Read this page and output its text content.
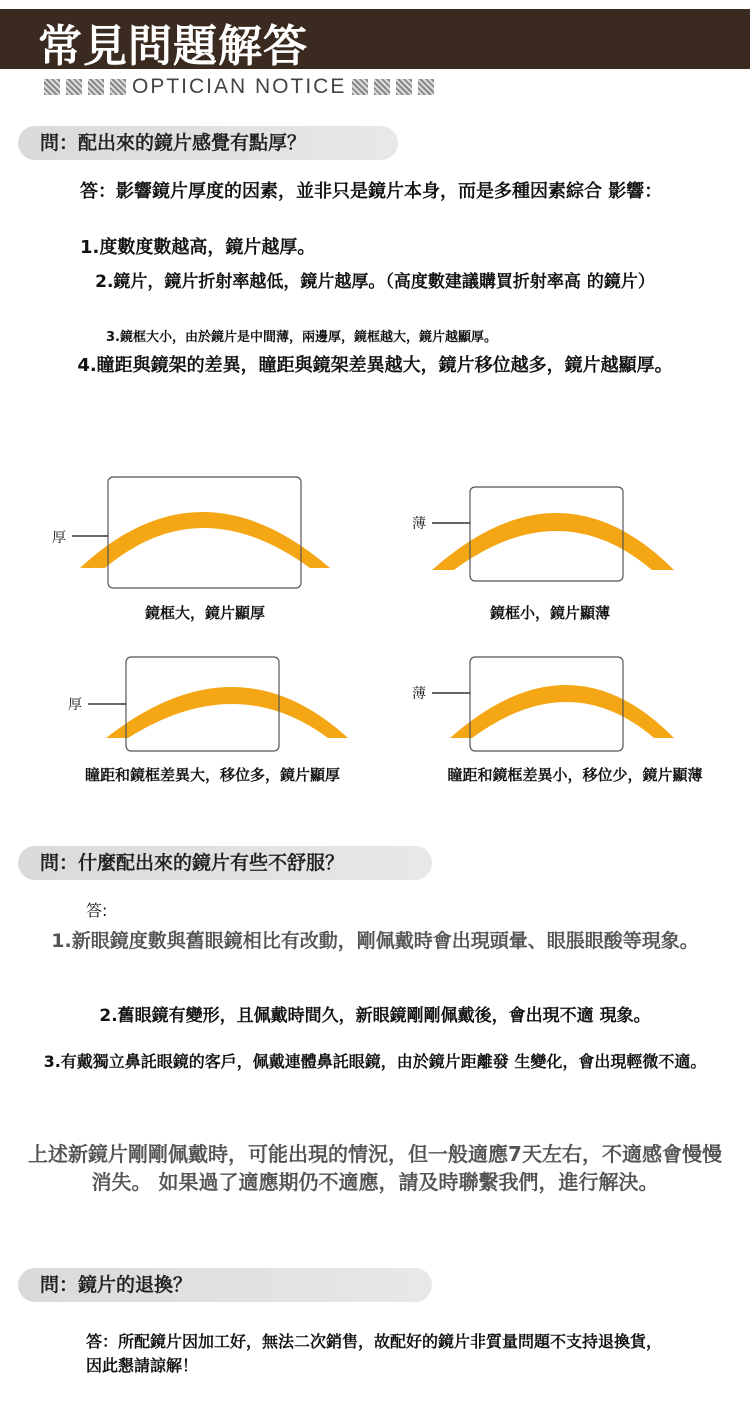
常見問題解答
OPTICIAN NOTICE
問：配出來的鏡片感覺有點厚？
答：影響鏡片厚度的因素，並非只是鏡片本身，而是多種因素綜合 影響：
1.度數度數越高，鏡片越厚。
2.鏡片，鏡片折射率越低，鏡片越厚。（高度數建議購買折射率高 的鏡片）
3.鏡框大小，由於鏡片是中間薄，兩邊厚，鏡框越大，鏡片越顯厚。
4.瞳距與鏡架的差異，瞳距與鏡架差異越大，鏡片移位越多，鏡片越顯厚。
厚
鏡框大，鏡片顯厚
薄
鏡框小，鏡片顯薄
厚
瞳距和鏡框差異大，移位多，鏡片顯厚
薄
瞳距和鏡框差異小，移位少，鏡片顯薄
問：什麼配出來的鏡片有些不舒服？
答:
1.新眼鏡度數與舊眼鏡相比有改動，剛佩戴時會出現頭暈、眼脹眼酸等現象。
2.舊眼鏡有變形，且佩戴時間久，新眼鏡剛剛佩戴後，會出現不適 現象。
3.有戴獨立鼻託眼鏡的客戶，佩戴連體鼻託眼鏡，由於鏡片距離發 生變化，會出現輕微不適。
上述新鏡片剛剛佩戴時，可能出現的情況，但一般適應7天左右，不適感會慢慢消失。 如果過了適應期仍不適應，請及時聯繫我們，進行解決。
問：鏡片的退換？
答：所配鏡片因加工好，無法二次銷售，故配好的鏡片非質量問題不支持退換貨，因此懇請諒解！
